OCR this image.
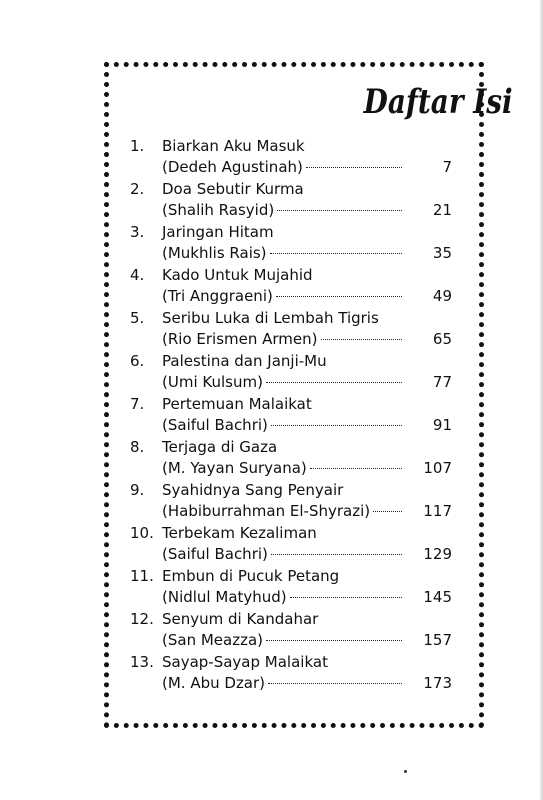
Daftar Isi
1. Biarkan Aku Masuk
(Dedeh Agustinah)	7
2. Doa Sebutir Kurma
(Shalih Rasyid)	21
3. Jaringan Hitam
(Mukhlis Rais)	35
4. Kado Untuk Mujahid
(Tri Anggraeni)	49
5. Seribu Luka di Lembah Tigris
(Rio Erismen Armen)	65
6. Palestina dan Janji-Mu
(Umi Kulsum)	77
7. Pertemuan Malaikat
(Saiful Bachri)	91
8. Terjaga di Gaza
(M. Yayan Suryana)	107
9. Syahidnya Sang Penyair
(Habiburrahman El-Shyrazi)	117
10. Terbekam Kezaliman
(Saiful Bachri)	129
11. Embun di Pucuk Petang
(Nidlul Matyhud)	145
12. Senyum di Kandahar
(San Meazza)	157
13. Sayap-Sayap Malaikat
(M. Abu Dzar)	173
